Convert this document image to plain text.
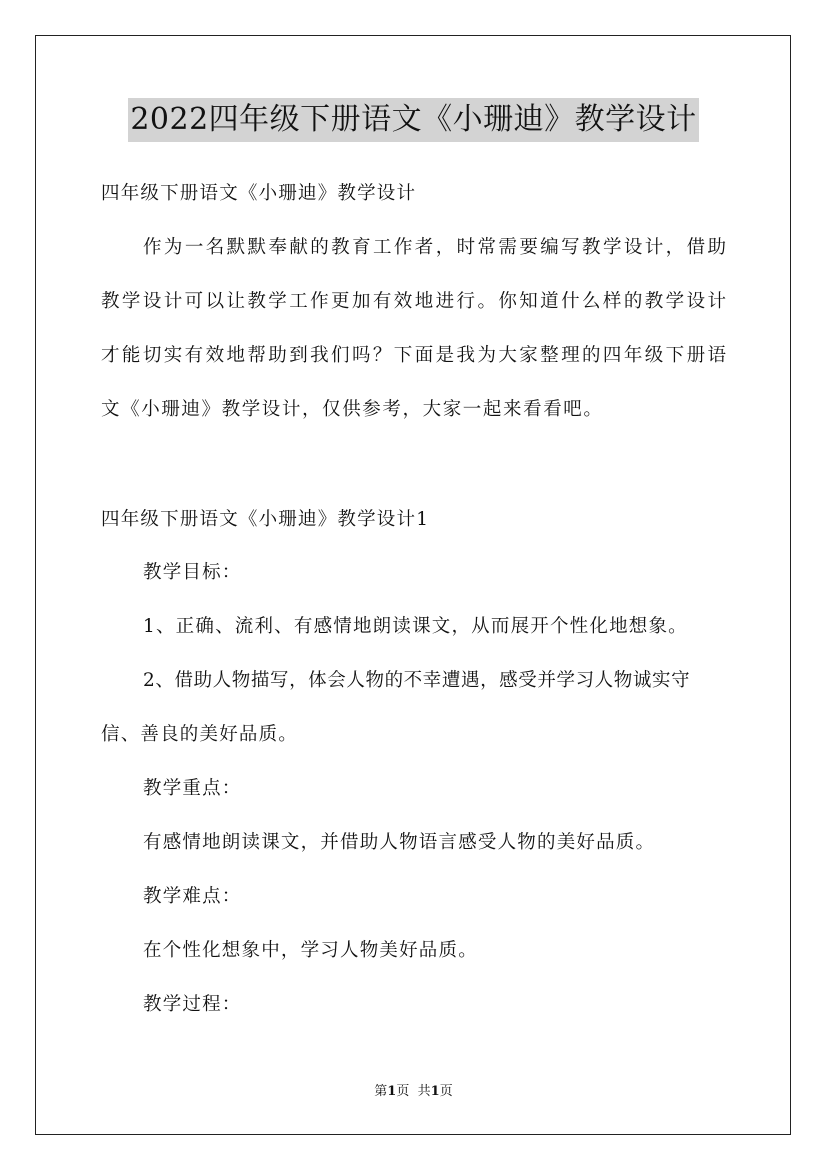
2022四年级下册语文《小珊迪》教学设计
四年级下册语文《小珊迪》教学设计
作为一名默默奉献的教育工作者，时常需要编写教学设计，借助
教学设计可以让教学工作更加有效地进行。你知道什么样的教学设计
才能切实有效地帮助到我们吗？下面是我为大家整理的四年级下册语
文《小珊迪》教学设计，仅供参考，大家一起来看看吧。
四年级下册语文《小珊迪》教学设计1
教学目标：
1、正确、流利、有感情地朗读课文，从而展开个性化地想象。
2、借助人物描写，体会人物的不幸遭遇，感受并学习人物诚实守
信、善良的美好品质。
教学重点：
有感情地朗读课文，并借助人物语言感受人物的美好品质。
教学难点：
在个性化想象中，学习人物美好品质。
教学过程：
第1页 共1页
